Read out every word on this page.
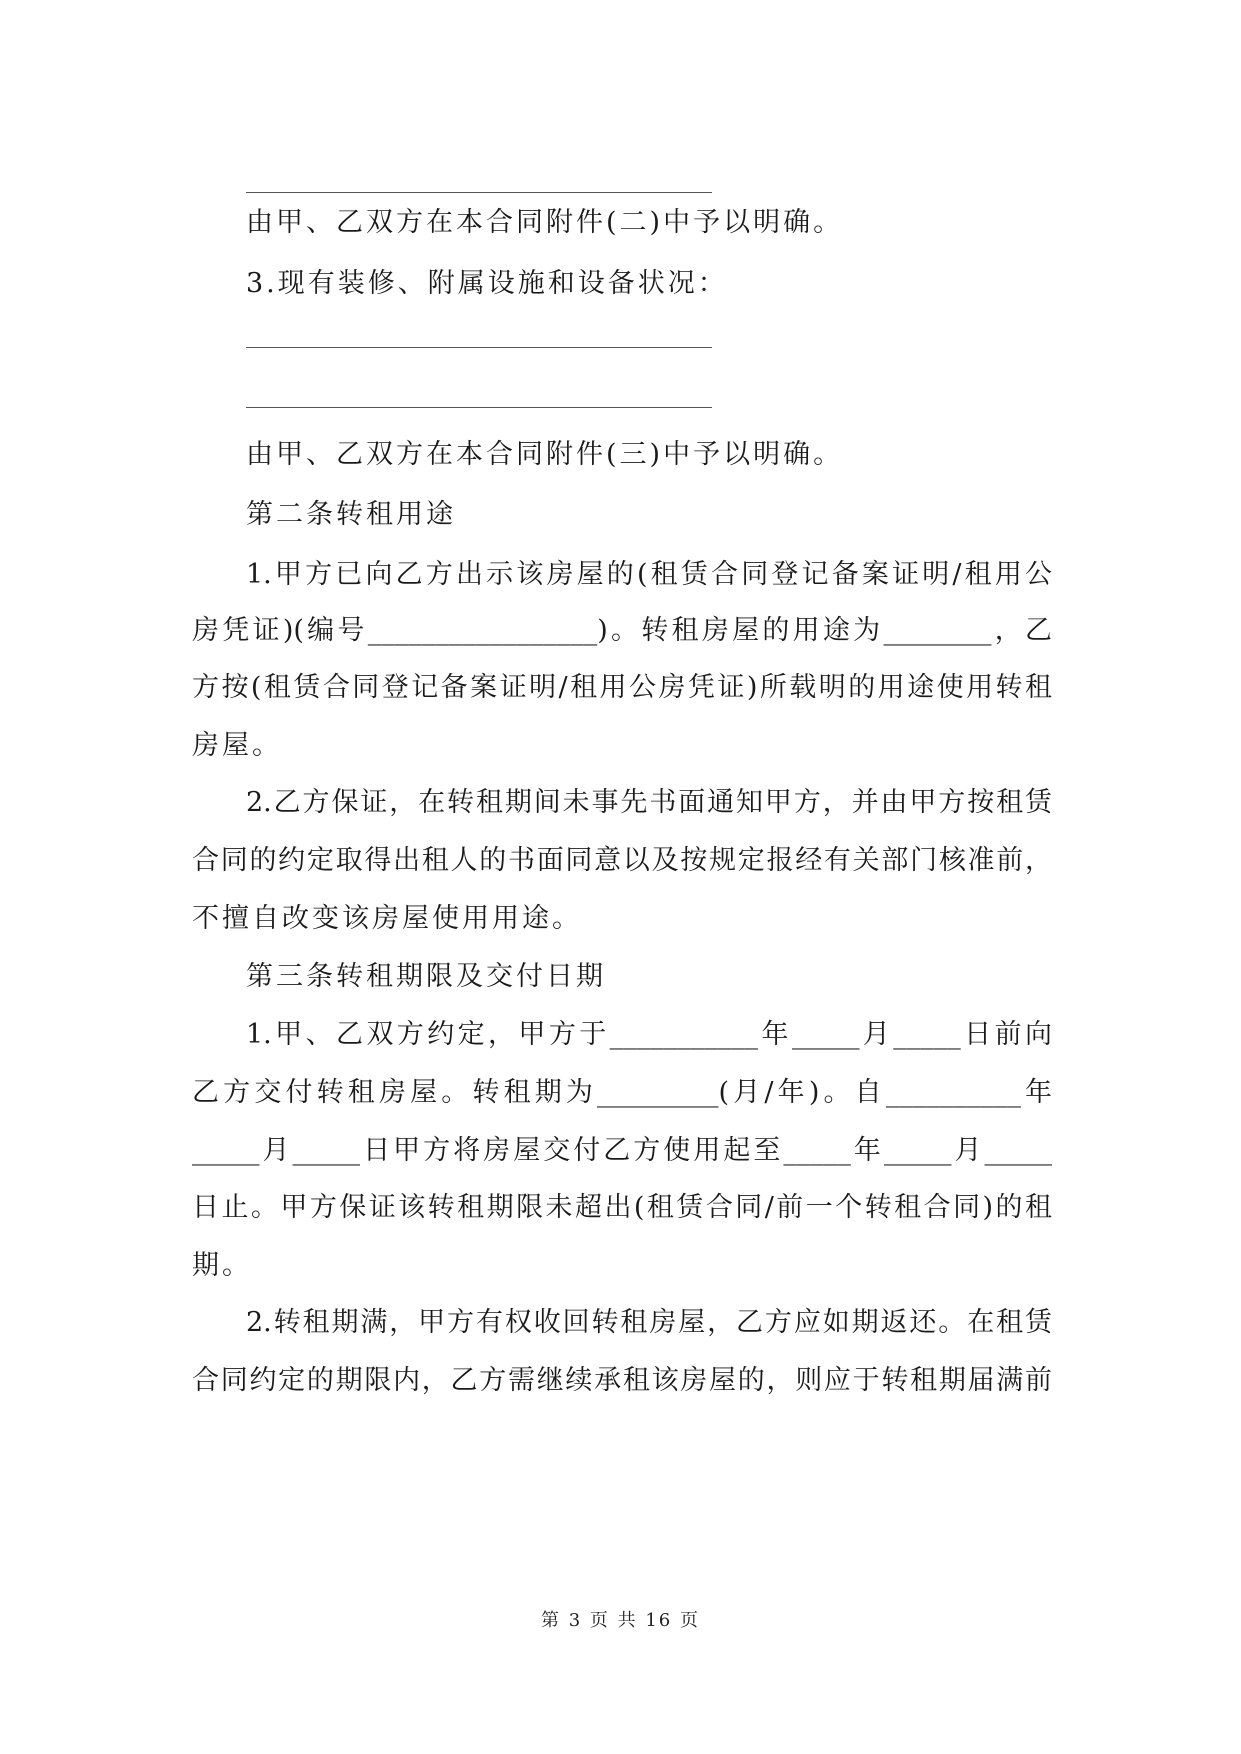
由甲、乙双方在本合同附件(二)中予以明确。
3.现有装修、附属设施和设备状况：
由甲、乙双方在本合同附件(三)中予以明确。
第二条转租用途
1.甲方已向乙方出示该房屋的(租赁合同登记备案证明/租用公
房凭证)(编号_________________)。转租房屋的用途为________，乙
方按(租赁合同登记备案证明/租用公房凭证)所载明的用途使用转租
房屋。
2.乙方保证，在转租期间未事先书面通知甲方，并由甲方按租赁
合同的约定取得出租人的书面同意以及按规定报经有关部门核准前，
不擅自改变该房屋使用用途。
第三条转租期限及交付日期
1.甲、乙双方约定，甲方于___________年_____月_____日前向
乙方交付转租房屋。转租期为_________(月/年)。自__________年
_____月_____日甲方将房屋交付乙方使用起至_____年_____月_____
日止。甲方保证该转租期限未超出(租赁合同/前一个转租合同)的租
期。
2.转租期满，甲方有权收回转租房屋，乙方应如期返还。在租赁
合同约定的期限内，乙方需继续承租该房屋的，则应于转租期届满前
第 3 页 共 16 页
